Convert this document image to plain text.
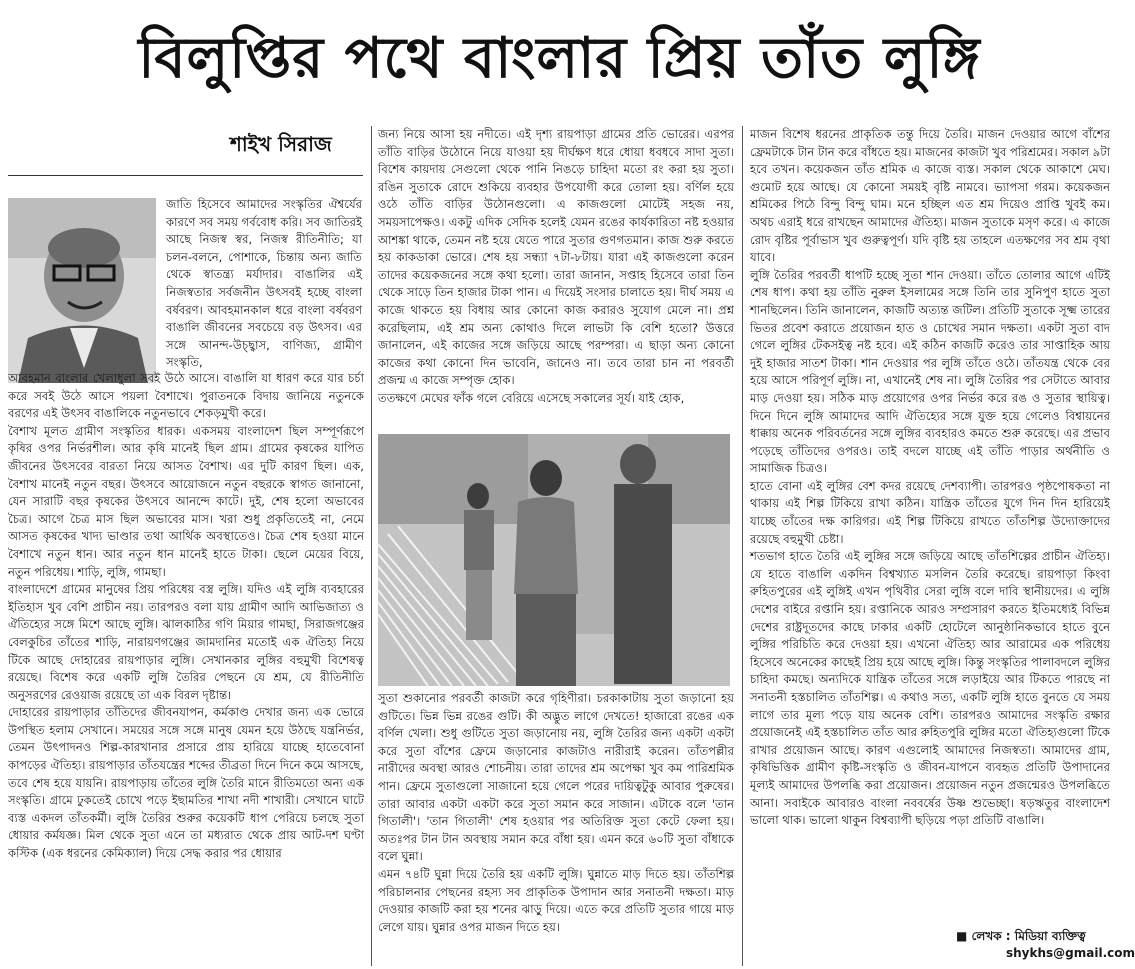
বিলুপ্তির পথে বাংলার প্রিয় তাঁত লুঙ্গি
শাইখ সিরাজ

জাতি হিসেবে আমাদের সংস্কৃতির ঐশ্বর্যের কারণে সব সময় গর্ববোধ করি। সব জাতিরই আছে নিজস্ব স্বর, নিজস্ব রীতিনীতি; যা চলন-বলনে, পোশাকে, চিন্তায় অন্য জাতি থেকে স্বাতন্ত্র্য মর্যাদার। বাঙালির এই নিজস্বতার সর্বজনীন উৎসবই হচ্ছে বাংলা বর্ষবরণ। আবহমানকাল ধরে বাংলা বর্ষবরণ বাঙালি জীবনের সবচেয়ে বড় উৎসব। এর সঙ্গে আনন্দ-উচ্ছ্বাস, বাণিজ্য, গ্রামীণ সংস্কৃতি,

আবহমান বাংলার খেলাধুলা সবই উঠে আসে। বাঙালি যা ধারণ করে যার চর্চা করে সবই উঠে আসে পয়লা বৈশাখে। পুরাতনকে বিদায় জানিয়ে নতুনকে বরণের এই উৎসব বাঙালিকে নতুনভাবে শেকড়মুখী করে।

বৈশাখ মূলত গ্রামীণ সংস্কৃতির ধারক। একসময় বাংলাদেশ ছিল সম্পূর্ণরূপে কৃষির ওপর নির্ভরশীল। আর কৃষি মানেই ছিল গ্রাম। গ্রামের কৃষকের যাপিত জীবনের উৎসবের বারতা নিয়ে আসত বৈশাখ। এর দুটি কারণ ছিল। এক, বৈশাখ মানেই নতুন বছর। উৎসবে আয়োজনে নতুন বছরকে স্বাগত জানানো, যেন সারাটি বছর কৃষকের উৎসবে আনন্দে কাটে। দুই, শেষ হলো অভাবের চৈত্র। আগে চৈত্র মাস ছিল অভাবের মাস। খরা শুধু প্রকৃতিতেই না, নেমে আসত কৃষকের খাদ্য ভাণ্ডার তথা আর্থিক অবস্থাতেও। চৈত্র শেষ হওয়া মানে বৈশাখে নতুন ধান। আর নতুন ধান মানেই হাতে টাকা। ছেলে মেয়ের বিয়ে, নতুন পরিধেয়। শাড়ি, লুঙ্গি, গামছা।

বাংলাদেশে গ্রামের মানুষের প্রিয় পরিধেয় বস্ত্র লুঙ্গি। যদিও এই লুঙ্গি ব্যবহারের ইতিহাস খুব বেশি প্রাচীন নয়। তারপরও বলা যায় গ্রামীণ আদি আভিজাত্য ও ঐতিহ্যের সঙ্গে মিশে আছে লুঙ্গি। ঝালকাঠির গণি মিয়ার গামছা, সিরাজগঞ্জের বেলকুচির তাঁতের শাড়ি, নারায়ণগঞ্জের জামদানির মতোই এক ঐতিহ্য নিয়ে টিকে আছে দোহারের রায়পাড়ার লুঙ্গি। সেখানকার লুঙ্গির বহুমুখী বিশেষত্ব রয়েছে। বিশেষ করে একটি লুঙ্গি তৈরির পেছনে যে শ্রম, যে রীতিনীতি অনুসরণের রেওয়াজ রয়েছে তা এক বিরল দৃষ্টান্ত।

দোহারের রায়পাড়ার তাঁতিদের জীবনযাপন, কর্মকাণ্ড দেখার জন্য এক ভোরে উপস্থিত হলাম সেখানে। সময়ের সঙ্গে সঙ্গে মানুষ যেমন হয়ে উঠছে যন্ত্রনির্ভর, তেমন উৎপাদনও শিল্প-কারখানার প্রসারে প্রায় হারিয়ে যাচ্ছে হাতেবোনা কাপড়ের ঐতিহ্য। রায়পাড়ার তাঁতযন্ত্রের শব্দের তীব্রতা দিনে দিনে কমে আসছে, তবে শেষ হয়ে যায়নি। রায়পাড়ায় তাঁতের লুঙ্গি তৈরি মানে রীতিমতো অন্য এক সংস্কৃতি। গ্রামে ঢুকতেই চোখে পড়ে ইছামতির শাখা নদী শাখারী। সেখানে ঘাটে ব্যস্ত একদল তাঁতকর্মী। লুঙ্গি তৈরির শুরুর কয়েকটি ধাপ পেরিয়ে চলছে সুতা ধোয়ার কর্মযজ্ঞ। মিল থেকে সুতা এনে তা মধ্যরাত থেকে প্রায় আট-দশ ঘণ্টা কস্টিক (এক ধরনের কেমিক্যাল) দিয়ে সেদ্ধ করার পর ধোয়ার

জন্য নিয়ে আসা হয় নদীতে। এই দৃশ্য রায়পাড়া গ্রামের প্রতি ভোরের। এরপর তাঁতি বাড়ির উঠোনে নিয়ে যাওয়া হয় দীর্ঘক্ষণ ধরে ধোয়া ধবধবে সাদা সুতা। বিশেষ কায়দায় সেগুলো থেকে পানি নিঙড়ে চাহিদা মতো রং করা হয় সুতা। রঙিন সুতাকে রোদে শুকিয়ে ব্যবহার উপযোগী করে তোলা হয়। বর্ণিল হয়ে ওঠে তাঁতি বাড়ির উঠোনগুলো। এ কাজগুলো মোটেই সহজ নয়, সময়সাপেক্ষও। একটু এদিক সেদিক হলেই যেমন রঙের কার্যকারিতা নষ্ট হওয়ার আশঙ্কা থাকে, তেমন নষ্ট হয়ে যেতে পারে সুতার গুণগতমান। কাজ শুরু করতে হয় কাকডাকা ভোরে। শেষ হয় সন্ধ্যা ৭টা-৮টায়। যারা এই কাজগুলো করেন তাদের কয়েকজনের সঙ্গে কথা হলো। তারা জানান, সপ্তাহ হিসেবে তারা তিন থেকে সাড়ে তিন হাজার টাকা পান। এ দিয়েই সংসার চালাতে হয়। দীর্ঘ সময় এ কাজে থাকতে হয় বিধায় আর কোনো কাজ করারও সুযোগ মেলে না। প্রশ্ন করেছিলাম, এই শ্রম অন্য কোথাও দিলে লাভটা কি বেশি হতো? উত্তরে জানালেন, এই কাজের সঙ্গে জড়িয়ে আছে পরম্পরা। এ ছাড়া অন্য কোনো কাজের কথা কোনো দিন ভাবেনি, জানেও না। তবে তারা চান না পরবর্তী প্রজন্ম এ কাজে সম্পৃক্ত হোক।

ততক্ষণে মেঘের ফাঁক গলে বেরিয়ে এসেছে সকালের সূর্য। যাই হোক,

সুতা শুকানোর পরবর্তী কাজটা করে গৃহিণীরা। চরকাকাটায় সুতা জড়ানো হয় গুটিতে। ভিন্ন ভিন্ন রঙের গুটি। কী অদ্ভুত লাগে দেখতে! হাজারো রঙের এক বর্ণিল খেলা। শুধু গুটিতে সুতা জড়ানোয় নয়, লুঙ্গি তৈরির জন্য একটা একটা করে সুতা বাঁশের ফ্রেমে জড়ানোর কাজটাও নারীরাই করেন। তাঁতপল্লীর নারীদের অবস্থা আরও শোচনীয়। তারা তাদের শ্রম অপেক্ষা খুব কম পারিশ্রমিক পান। ফ্রেমে সুতাগুলো সাজানো হয়ে গেলে পরের দায়িত্বটুকু আবার পুরুষের। তারা আবার একটা একটা করে সুতা সমান করে সাজান। এটাকে বলে 'তান গিতালী'। 'তান গিতালী' শেষ হওয়ার পর অতিরিক্ত সুতা কেটে ফেলা হয়। অতঃপর টান টান অবস্থায় সমান করে বাঁধা হয়। এমন করে ৬০টি সুতা বাঁধাকে বলে ঘুন্না।

এমন ৭৪টি ঘুন্না দিয়ে তৈরি হয় একটি লুঙ্গি। ঘুন্নাতে মাড় দিতে হয়। তাঁতশিল্প পরিচালনার পেছনের রহস্য সব প্রাকৃতিক উপাদান আর সনাতনী দক্ষতা। মাড় দেওয়ার কাজটি করা হয় শনের ঝাড়ু দিয়ে। এতে করে প্রতিটি সুতার গায়ে মাড় লেগে যায়। ঘুন্নার ওপর মাজন দিতে হয়।

মাজন বিশেষ ধরনের প্রাকৃতিক তন্তু দিয়ে তৈরি। মাজন দেওয়ার আগে বাঁশের ফ্রেমটাকে টান টান করে বাঁধতে হয়। মাজনের কাজটা খুব পরিশ্রমের। সকাল ৯টা হবে তখন। কয়েকজন তাঁত শ্রমিক এ কাজে ব্যস্ত। সকাল থেকে আকাশে মেঘ। গুমোট হয়ে আছে। যে কোনো সময়ই বৃষ্টি নামবে। ভ্যাপসা গরম। কয়েকজন শ্রমিকের পিঠে বিন্দু বিন্দু ঘাম। মনে হচ্ছিল এত শ্রম দিয়েও প্রাপ্তি খুবই কম। অথচ এরাই ধরে রাখছেন আমাদের ঐতিহ্য। মাজন সুতাকে মসৃণ করে। এ কাজে রোদ বৃষ্টির পূর্বাভাস খুব গুরুত্বপূর্ণ। যদি বৃষ্টি হয় তাহলে এতক্ষণের সব শ্রম বৃথা যাবে।

লুঙ্গি তৈরির পরবর্তী ধাপটি হচ্ছে সুতা শান দেওয়া। তাঁতে তোলার আগে এটিই শেষ ধাপ। কথা হয় তাঁতি নুরুল ইসলামের সঙ্গে তিনি তার সুনিপুণ হাতে সুতা শানছিলেন। তিনি জানালেন, কাজটি অত্যন্ত জটিল। প্রতিটি সুতাকে সূক্ষ্ম তারের ভিতর প্রবেশ করাতে প্রয়োজন হাত ও চোখের সমান দক্ষতা। একটা সুতা বাদ গেলে লুঙ্গির টেকসইত্ব নষ্ট হবে। এই কঠিন কাজটি করেও তার সাপ্তাহিক আয় দুই হাজার সাতশ টাকা। শান দেওয়ার পর লুঙ্গি তাঁতে ওঠে। তাঁতযন্ত্র থেকে বের হয়ে আসে পরিপূর্ণ লুঙ্গি। না, এখানেই শেষ না। লুঙ্গি তৈরির পর সেটাতে আবার মাড় দেওয়া হয়। সঠিক মাড় প্রয়োগের ওপর নির্ভর করে রঙ ও সুতার স্থায়িত্ব। দিনে দিনে লুঙ্গি আমাদের আদি ঐতিহ্যের সঙ্গে যুক্ত হয়ে গেলেও বিশ্বায়নের ধাক্কায় অনেক পরিবর্তনের সঙ্গে লুঙ্গির ব্যবহারও কমতে শুরু করেছে। এর প্রভাব পড়েছে তাঁতিদের ওপরও। তাই বদলে যাচ্ছে এই তাঁতি পাড়ার অর্থনীতি ও সামাজিক চিত্রও।

হাতে বোনা এই লুঙ্গির বেশ কদর রয়েছে দেশব্যাপী। তারপরও পৃষ্ঠপোষকতা না থাকায় এই শিল্প টিকিয়ে রাখা কঠিন। যান্ত্রিক তাঁতের যুগে দিন দিন হারিয়েই যাচ্ছে তাঁতের দক্ষ কারিগর। এই শিল্প টিকিয়ে রাখতে তাঁতশিল্প উদ্যোক্তাদের রয়েছে বহুমুখী চেষ্টা।

শতভাগ হাতে তৈরি এই লুঙ্গির সঙ্গে জড়িয়ে আছে তাঁতশিল্পের প্রাচীন ঐতিহ্য। যে হাতে বাঙালি একদিন বিশ্বখ্যাত মসলিন তৈরি করেছে। রায়পাড়া কিংবা রুহিতপুরের এই লুঙ্গিই এখন পৃথিবীর সেরা লুঙ্গি বলে দাবি স্থানীয়দের। এ লুঙ্গি দেশের বাইরে রপ্তানি হয়। রপ্তানিকে আরও সম্প্রসারণ করতে ইতিমধ্যেই বিভিন্ন দেশের রাষ্ট্রদূতদের কাছে ঢাকার একটি হোটেলে আনুষ্ঠানিকভাবে হাতে বুনে লুঙ্গির পরিচিতি করে দেওয়া হয়। এখনো ঐতিহ্য আর আরামের এক পরিধেয় হিসেবে অনেকের কাছেই প্রিয় হয়ে আছে লুঙ্গি। কিন্তু সংস্কৃতির পালাবদলে লুঙ্গির চাহিদা কমছে। অন্যদিকে যান্ত্রিক তাঁতের সঙ্গে লড়াইয়ে আর টিকতে পারছে না সনাতনী হস্তচালিত তাঁতশিল্প। এ কথাও সত্য, একটি লুঙ্গি হাতে বুনতে যে সময় লাগে তার মূল্য পড়ে যায় অনেক বেশি। তারপরও আমাদের সংস্কৃতি রক্ষার প্রয়োজনেই এই হস্তচালিত তাঁত আর রুহিতপুরি লুঙ্গির মতো ঐতিহ্যগুলো টিকে রাখার প্রয়োজন আছে। কারণ এগুলোই আমাদের নিজস্বতা। আমাদের গ্রাম, কৃষিভিত্তিক গ্রামীণ কৃষ্টি-সংস্কৃতি ও জীবন-যাপনে ব্যবহৃত প্রতিটি উপাদানের মূল্যই আমাদের উপলব্ধি করা প্রয়োজন। প্রয়োজন নতুন প্রজন্মেরও উপলব্ধিতে আনা। সবাইকে আবারও বাংলা নববর্ষের উষ্ণ শুভেচ্ছা। ষড়ঋতুর বাংলাদেশ ভালো থাক। ভালো থাকুন বিশ্বব্যাপী ছড়িয়ে পড়া প্রতিটি বাঙালি।

■ লেখক : মিডিয়া ব্যক্তিত্ব
shykhs@gmail.com
